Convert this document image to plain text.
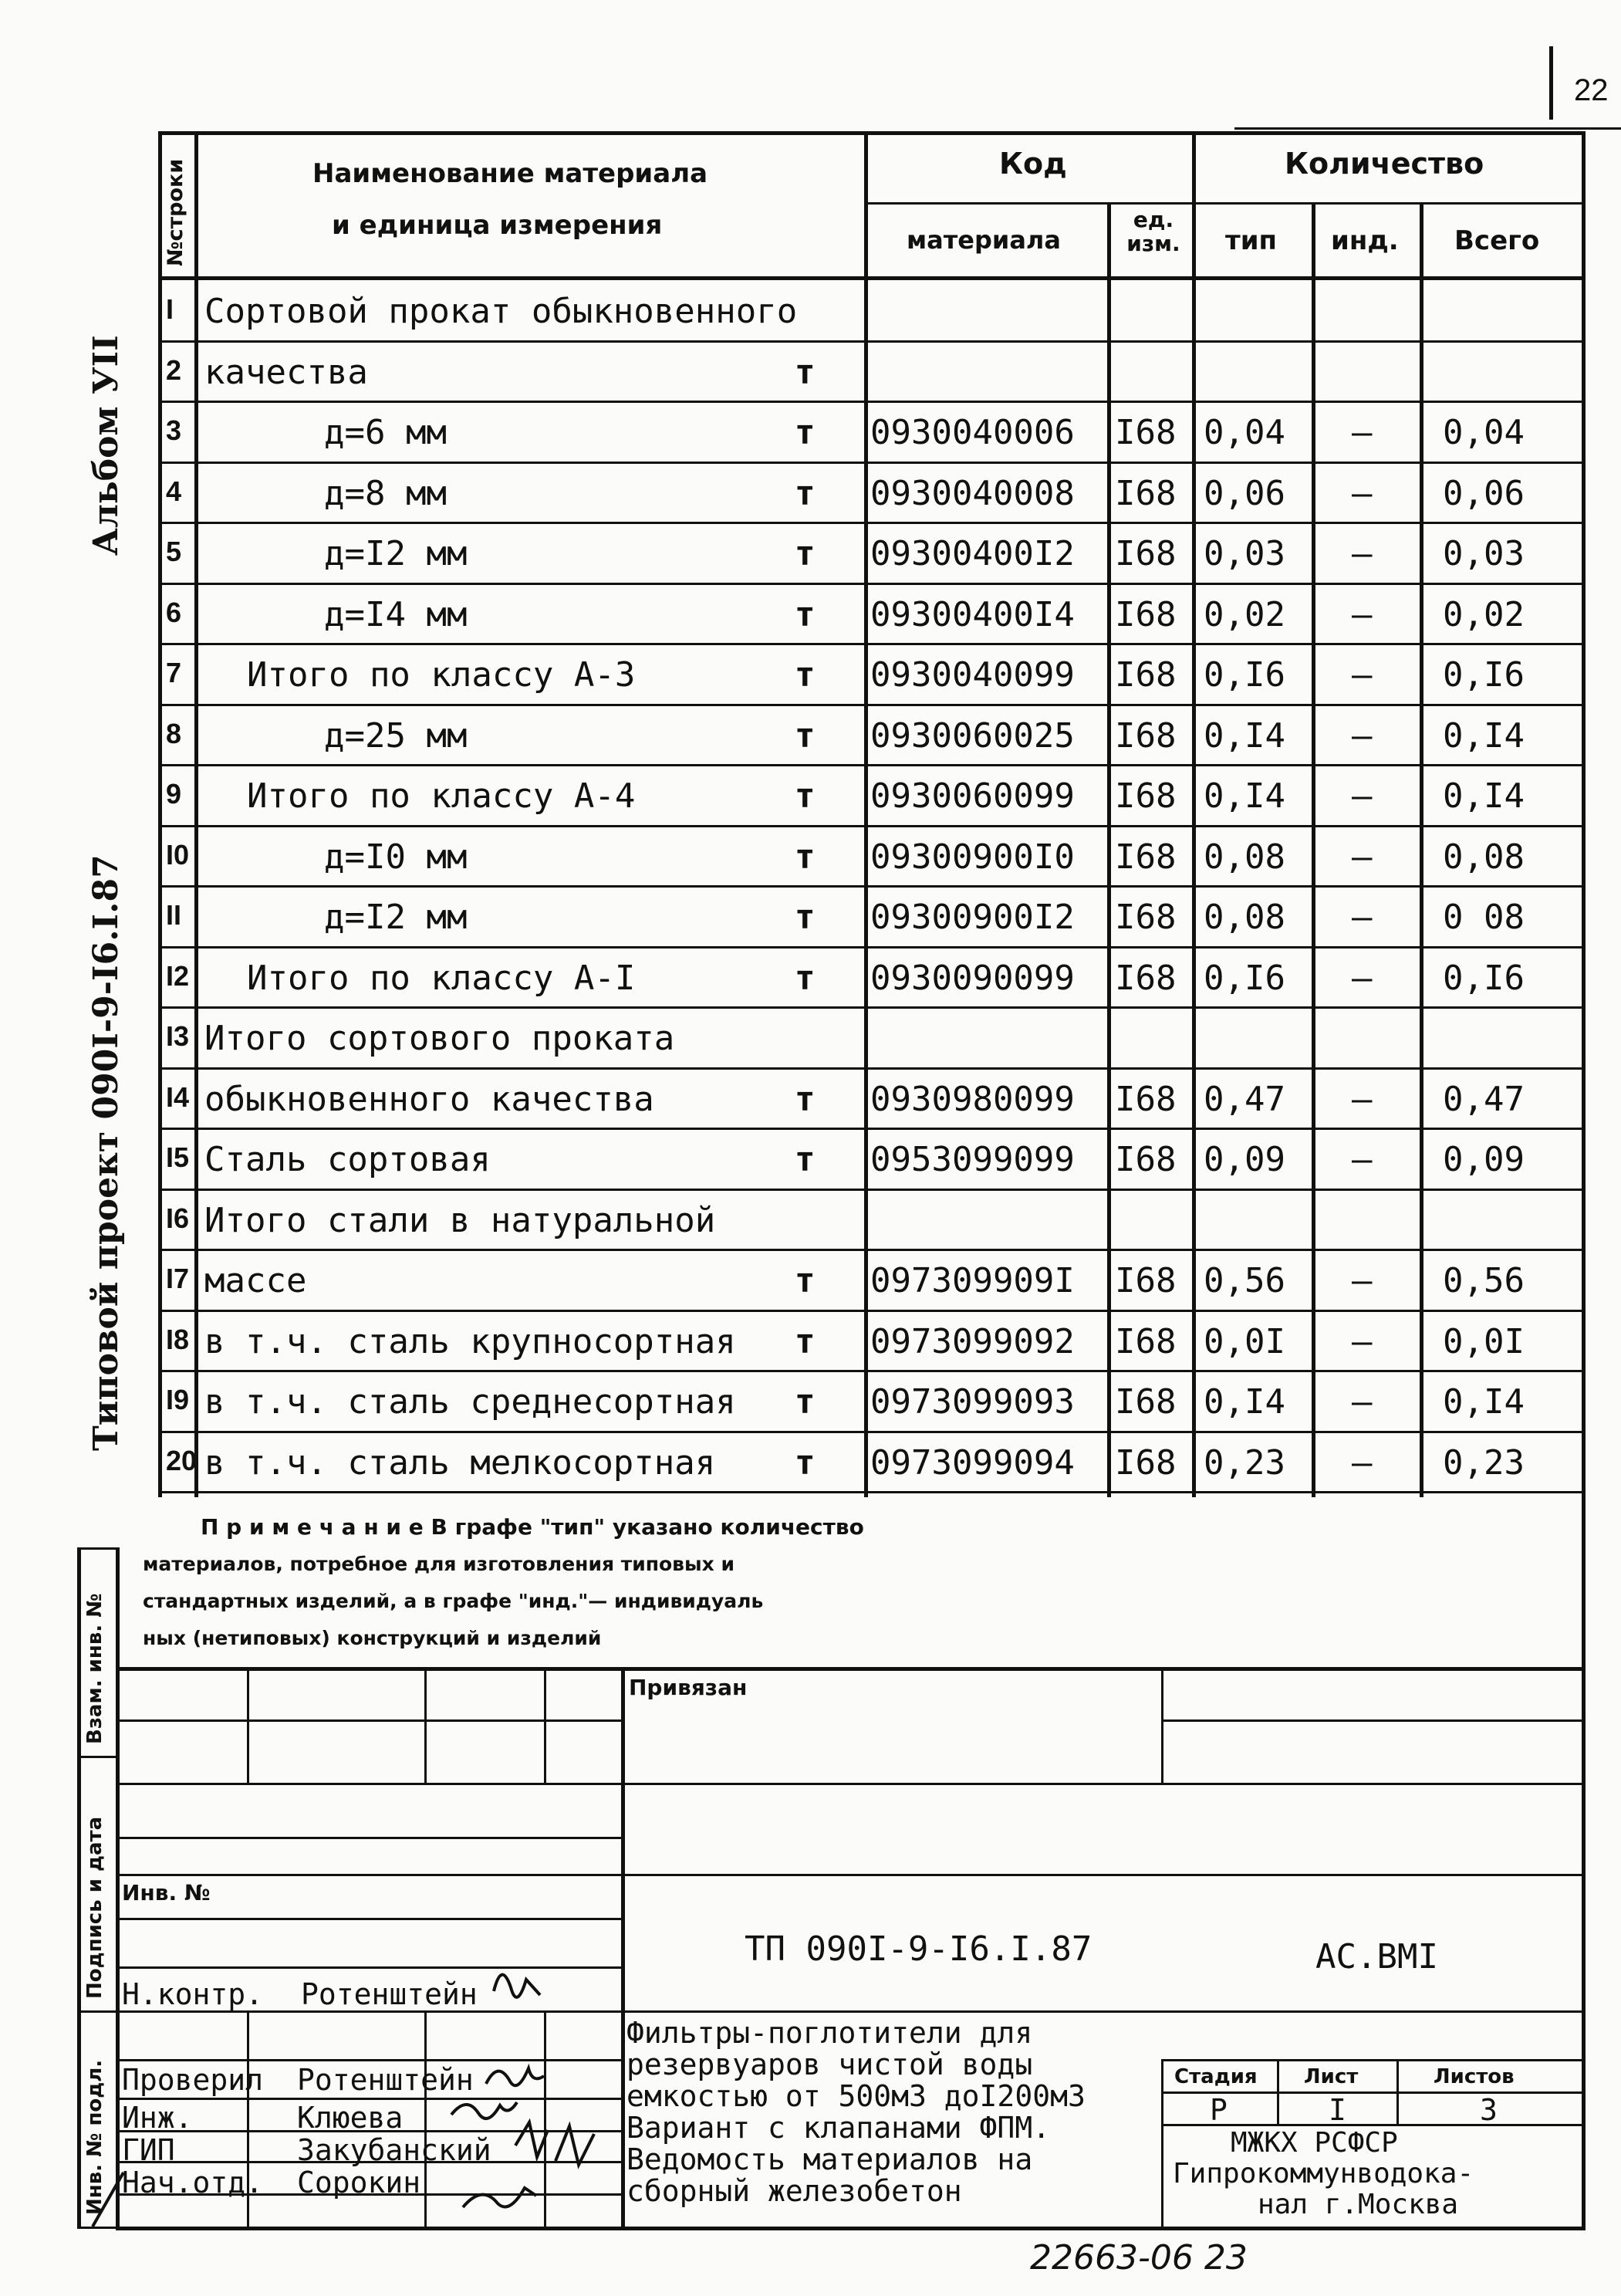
22
Альбом УII
Типовой проект 090I-9-I6.I.87
№строки	Наименование материала
и единица измерения
Код
материала
ед. изм.
Количество
тип инд. Всего
I Сортовой прокат обыкновенного
2 качества	т
3	д=6 мм	т 0930040006 I68 0,04 – 0,04
4	д=8 мм	т 0930040008 I68 0,06 – 0,06
5	д=I2 мм	т 09300400I2 I68 0,03 – 0,03
6	д=I4 мм	т 09300400I4 I68 0,02 – 0,02
7 Итого по классу А-3	т 0930040099 I68 0,I6 – 0,I6
8	д=25 мм	т 0930060025 I68 0,I4 – 0,I4
9 Итого по классу А-4	т 0930060099 I68 0,I4 – 0,I4
I0	д=I0 мм	т 09300900I0 I68 0,08 – 0,08
II	д=I2 мм	т 09300900I2 I68 0,08 – 0 08
I2 Итого по классу А-I	т 0930090099 I68 0,I6 – 0,I6
I3 Итого сортового проката
I4 обыкновенного качества	т 0930980099 I68 0,47 – 0,47
I5 Сталь сортовая	т 0953099099 I68 0,09 – 0,09
I6 Итого стали в натуральной
I7 массе	т 097309909I I68 0,56 – 0,56
I8 в т.ч. сталь крупносортная т 0973099092 I68 0,0I – 0,0I
I9 в т.ч. сталь среднесортная т 0973099093 I68 0,I4 – 0,I4
20 в т.ч. сталь мелкосортная т 0973099094 I68 0,23 – 0,23
П р и м е ч а н и е В графе "тип" указано количество
материалов, потребное для изготовления типовых и
стандартных изделий, а в графе "инд."— индивидуаль
ных (нетиповых) конструкций и изделий
Взам. инв. №
Подпись и дата
Инв. № подл.
Привязан
Инв. №
ТП 090I-9-I6.I.87	АС.ВМI
Фильтры-поглотители для
резервуаров чистой воды
емкостью от 500м3 доI200м3
Вариант с клапанами ФПМ.
Ведомость материалов на
сборный железобетон
Стадия Лист	Листов
Р	I	3
МЖКХ РСФСР
Гипрокоммунводока-
нал г.Москва
Н.контр. Ротенштейн
Проверил Ротенштейн
Инж.	Клюева
ГИП	Закубанский
Нач.отд. Сорокин
22663-06 23
